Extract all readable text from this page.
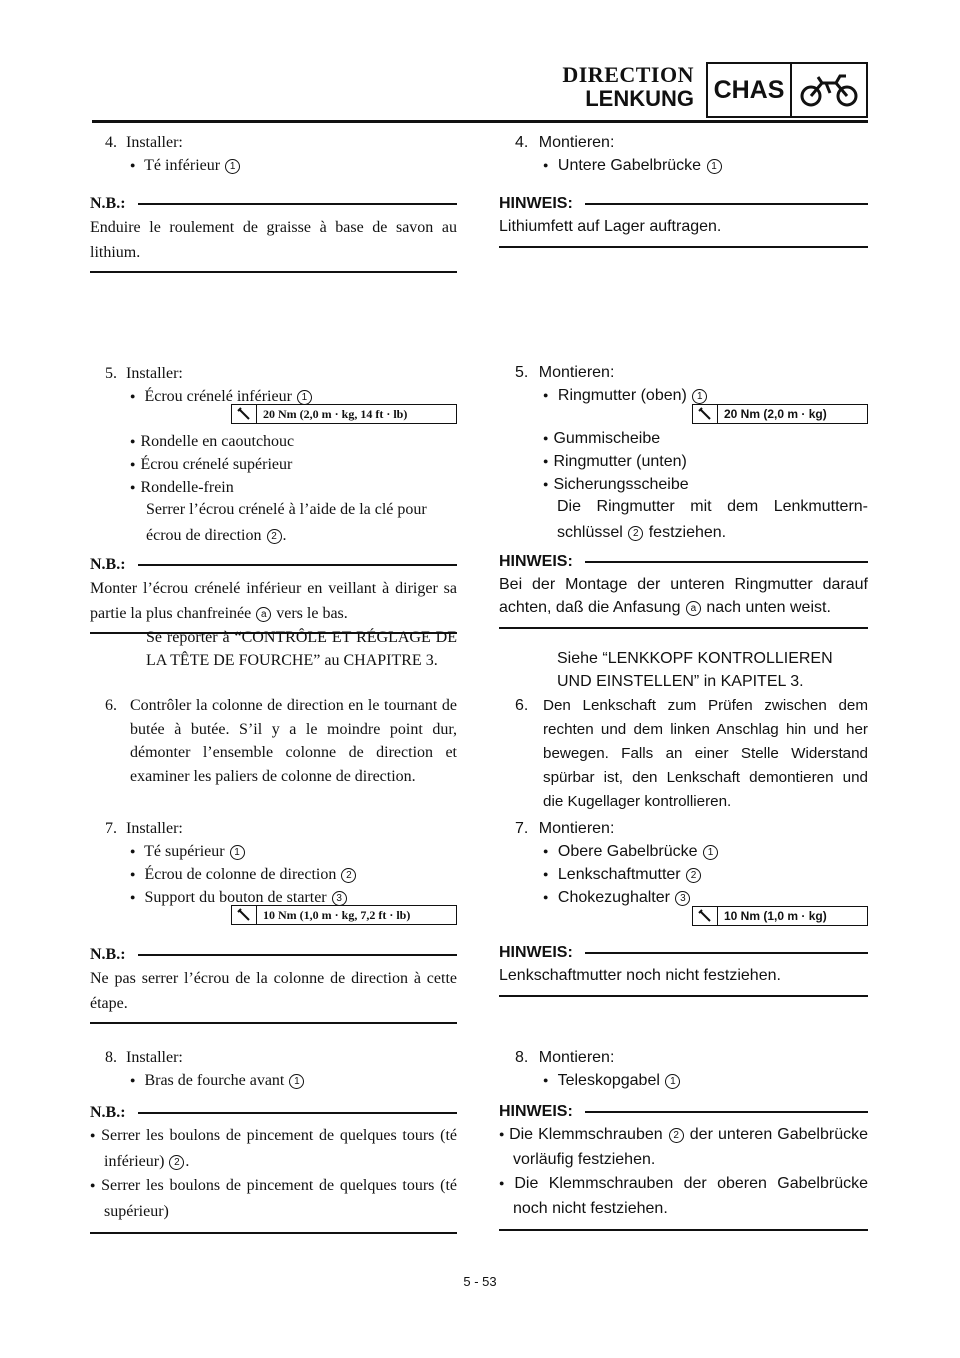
DIRECTION
LENKUNG CHAS
4. Installer:
● Té inférieur 1
N.B.:
Enduire le roulement de graisse à base de savon au lithium.
5. Installer:
● Écrou crénelé inférieur 1
20 Nm (2,0 m · kg, 14 ft · lb)
● Rondelle en caoutchouc
● Écrou crénelé supérieur
● Rondelle-frein
Serrer l’écrou crénelé à l’aide de la clé pour écrou de direction 2 .
N.B.:
Monter l’écrou crénelé inférieur en veillant à diriger sa partie la plus chanfreinée a vers le bas.
Se reporter à “CONTRÔLE ET RÉGLAGE DE LA TÊTE DE FOURCHE” au CHAPITRE 3.
6. Contrôler la colonne de direction en le tournant de butée à butée. S’il y a le moindre point dur, démonter l’ensemble colonne de direction et examiner les paliers de colonne de direction.
7. Installer:
● Té supérieur 1
● Écrou de colonne de direction 2
● Support du bouton de starter 3
10 Nm (1,0 m · kg, 7,2 ft · lb)
N.B.:
Ne pas serrer l’écrou de la colonne de direction à cette étape.
8. Installer:
● Bras de fourche avant 1
N.B.:
● Serrer les boulons de pincement de quelques tours (té inférieur) 2 .
● Serrer les boulons de pincement de quelques tours (té supérieur)
4. Montieren:
● Untere Gabelbrücke 1
HINWEIS:
Lithiumfett auf Lager auftragen.
5. Montieren:
● Ringmutter (oben) 1
20 Nm (2,0 m · kg)
● Gummischeibe
● Ringmutter (unten)
● Sicherungsscheibe
Die Ringmutter mit dem Lenkmuttern-schlüssel 2 festziehen.
HINWEIS:
Bei der Montage der unteren Ringmutter darauf achten, daß die Anfasung a nach unten weist.
Siehe “LENKKOPF KONTROLLIEREN UND EINSTELLEN” in KAPITEL 3.
6. Den Lenkschaft zum Prüfen zwischen dem rechten und dem linken Anschlag hin und her bewegen. Falls an einer Stelle Widerstand spürbar ist, den Lenkschaft demontieren und die Kugellager kontrollieren.
7. Montieren:
● Obere Gabelbrücke 1
● Lenkschaftmutter 2
● Chokezughalter 3
10 Nm (1,0 m · kg)
HINWEIS:
Lenkschaftmutter noch nicht festziehen.
8. Montieren:
● Teleskopgabel 1
HINWEIS:
● Die Klemmschrauben 2 der unteren Gabelbrücke vorläufig festziehen.
● Die Klemmschrauben der oberen Gabelbrücke noch nicht festziehen.
5 - 53
